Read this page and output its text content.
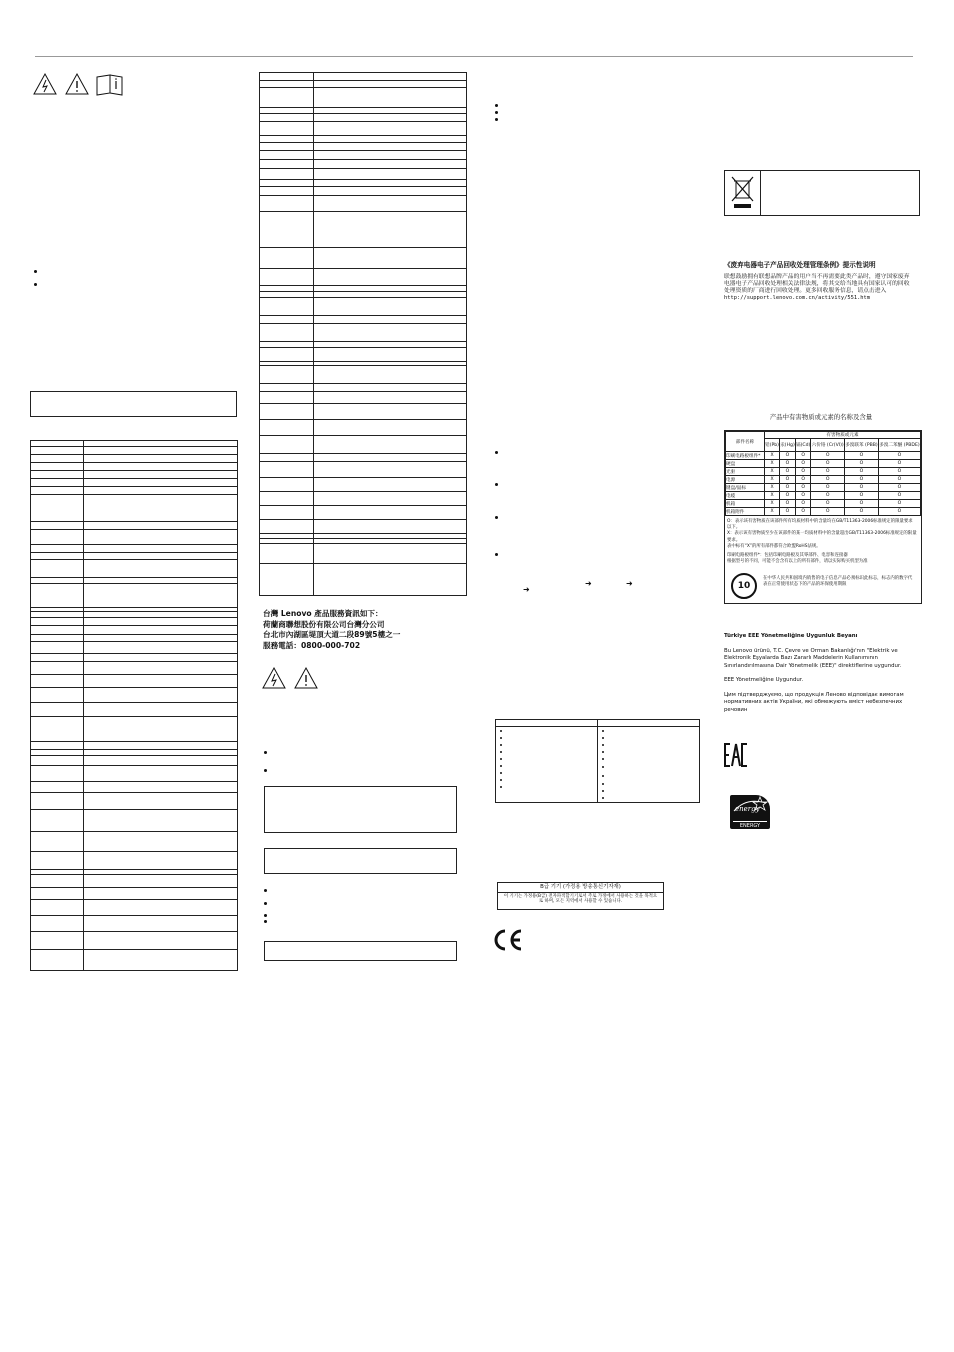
台灣 Lenovo 產品服務資訊如下：
荷蘭商聯想股份有限公司台灣分公司
台北市內湖區堤頂大道二段89號5樓之一
服務電話：0800-000-702
➜
➜	➜
B급 기기 (가정용 방송통신기자재)
이 기기는 가정용(B급) 전자파적합기기로서 주로 가정에서 사용하는 것을 목적으로 하며, 모든 지역에서 사용할 수 있습니다.
《废弃电器电子产品回收处理管理条例》提示性说明
联想鼓励拥有联想品牌产品的用户当不再需要此类产品时，遵守国家废弃电器电子产品回收处理相关法律法规，将其交给当地具有国家认可的回收处理资质的厂商进行回收处理。更多回收服务信息，请点击进入
http://support.lenovo.com.cn/activity/551.htm
产品中有害物质或元素的名称及含量
部件名称	有害物质或元素					
	铅(Pb)	汞(Hg)	镉(Cd)	六价铬 (Cr(VI))	多溴联苯 (PBB)	多溴二苯醚 (PBDE)
印刷电路板组件*	X	O	O	O	O	O
硬盘	X	O	O	O	O	O
光驱	X	O	O	O	O	O
电源	X	O	O	O	O	O
键盘/鼠标	X	O	O	O	O	O
电缆	X	O	O	O	O	O
机箱	X	O	O	O	O	O
机箱附件	X	O	O	O	O	O
O：表示该有害物质在该部件所有均质材料中的含量均在GB/T11363-2006标准规定的限量要求以下。
X：表示该有害物质至少在该部件的某一均质材料中的含量超出GB/T11363-2006标准规定的限量要求。
表中标有“X”的所有部件都符合欧盟RoHS法规。
印刷电路板组件*：包括印刷电路板及其零部件、电容和连接器
根据型号的不同，可能不会含有以上的所有部件，请以实际购买机型为准
10
在中华人民共和国境内销售的电子信息产品必须标识此标志，标志内的数字代表在正常使用状态下的产品的环保使用期限
Türkiye EEE Yönetmeliğine Uygunluk Beyanı
Bu Lenovo ürünü, T.C. Çevre ve Orman Bakanlığı'nın "Elektrik ve Elektronik Eşyalarda Bazı Zararlı Maddelerin Kullanımının Sınırlandırılmasına Dair Yönetmelik (EEE)" direktiflerine uygundur.
EEE Yönetmeliğine Uygundur.
Цим підтверджуємо, що продукція Леново відповідає вимогам нормативних актів України, які обмежують вміст небезпечних речовин
energy
ENERGY STAR
